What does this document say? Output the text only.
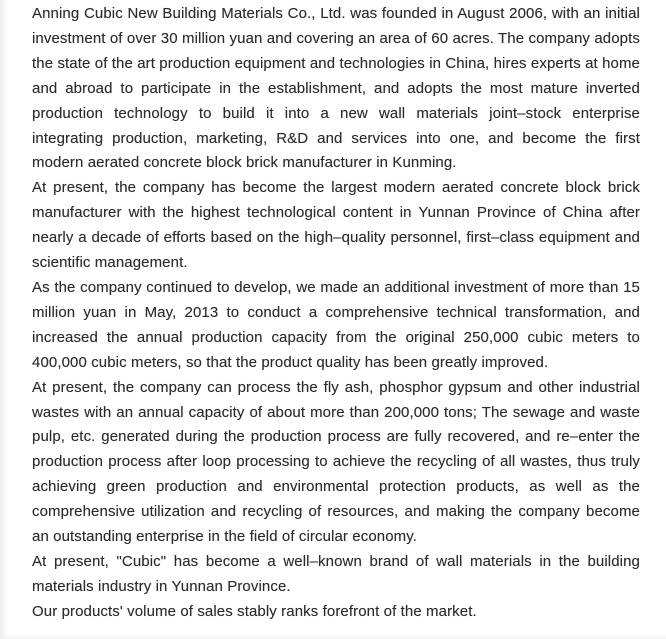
Anning Cubic New Building Materials Co., Ltd. was founded in August 2006, with an initial investment of over 30 million yuan and covering an area of 60 acres. The company adopts the state of the art production equipment and technologies in China, hires experts at home and abroad to participate in the establishment, and adopts the most mature inverted production technology to build it into a new wall materials joint–stock enterprise integrating production, marketing, R&D and services into one, and become the first modern aerated concrete block brick manufacturer in Kunming.

At present, the company has become the largest modern aerated concrete block brick manufacturer with the highest technological content in Yunnan Province of China after nearly a decade of efforts based on the high–quality personnel, first–class equipment and scientific management.

As the company continued to develop, we made an additional investment of more than 15 million yuan in May, 2013 to conduct a comprehensive technical transformation, and increased the annual production capacity from the original 250,000 cubic meters to 400,000 cubic meters, so that the product quality has been greatly improved.

At present, the company can process the fly ash, phosphor gypsum and other industrial wastes with an annual capacity of about more than 200,000 tons; The sewage and waste pulp, etc. generated during the production process are fully recovered, and re–enter the production process after loop processing to achieve the recycling of all wastes, thus truly achieving green production and environmental protection products, as well as the comprehensive utilization and recycling of resources, and making the company become an outstanding enterprise in the field of circular economy.

At present, "Cubic" has become a well–known brand of wall materials in the building materials industry in Yunnan Province.

Our products' volume of sales stably ranks forefront of the market.
